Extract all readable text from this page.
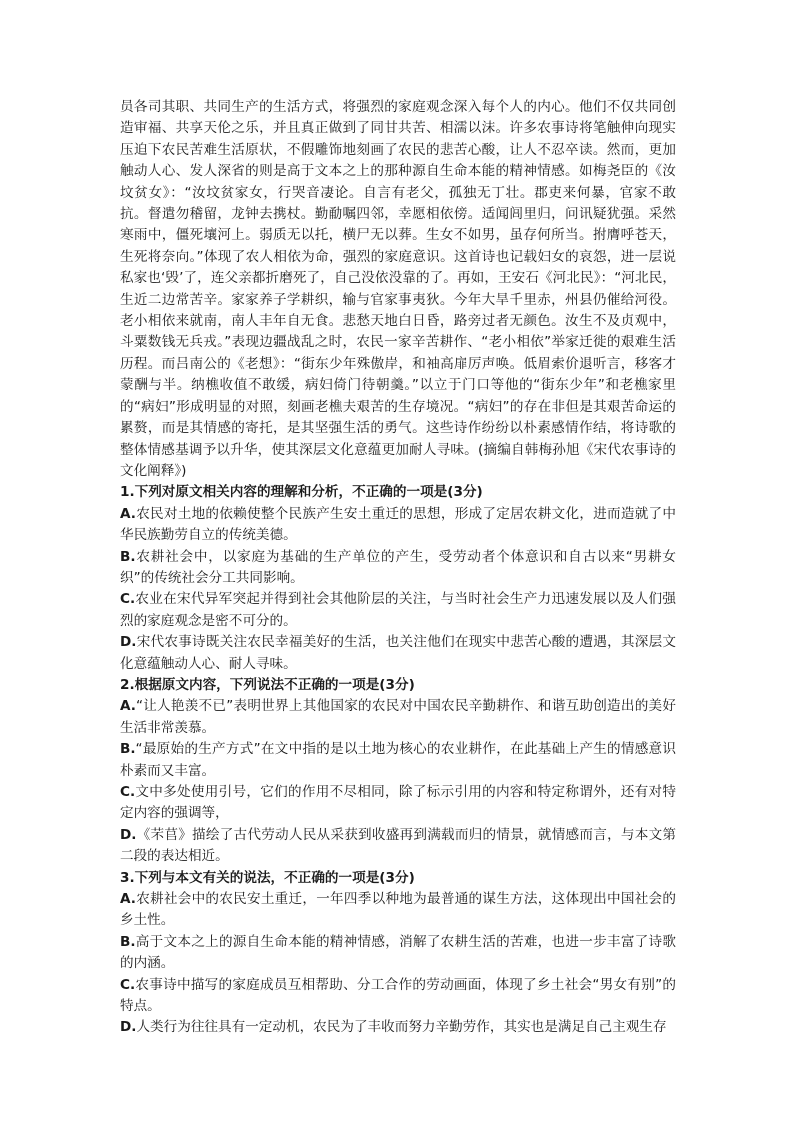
员各司其职、共同生产的生活方式，将强烈的家庭观念深入每个人的内心。他们不仅共同创造审福、共享天伦之乐，并且真正做到了同甘共苦、相濡以沫。许多农事诗将笔触伸向现实压迫下农民苦难生活原状，不假雕饰地刻画了农民的悲苦心酸，让人不忍卒读。然而，更加触动人心、发人深省的则是高于文本之上的那种源自生命本能的精神情感。如梅尧臣的《汝坟贫女》：“汝坟贫家女，行哭音凄论。自言有老父，孤独无丁壮。郡吏来何暴，官家不敢抗。督遣勿稽留，龙钟去携杖。勤勈嘱四邻，幸愿相依傍。适闻闾里归，问讯疑犹强。采然寒雨中，僵死壤河上。弱质无以托，横尸无以葬。生女不如男，虽存何所当。拊膺呼苍天，生死将奈向。”体现了农人相依为命，强烈的家庭意识。这首诗也记载妇女的哀怨，进一层说私家也‘毁’了，连父亲都折磨死了，自己没依没靠的了。再如，王安石《河北民》：“河北民，生近二边常苦辛。家家养子学耕织，输与官家事夷狄。今年大旱千里赤，州县仍催给河役。老小相依来就南，南人丰年自无食。悲愁天地白日昏，路旁过者无颜色。汝生不及贞观中，斗粟数钱无兵戎。”表现边疆战乱之时，农民一家辛苦耕作、“老小相依”举家迁徙的艰难生活历程。而吕南公的《老想》：“街东少年殊傲岸，和袖高扉厉声唤。低眉索价退听言，移客才蒙酬与半。纳樵收值不敢缓，病妇倚门待朝羹。”以立于门口等他的“街东少年”和老樵家里的“病妇”形成明显的对照，刻画老樵夫艰苦的生存境况。“病妇”的存在非但是其艰苦命运的累赘，而是其情感的寄托，是其坚强生活的勇气。这些诗作纷纷以朴素感情作结，将诗歌的整体情感基调予以升华，使其深层文化意蕴更加耐人寻味。(摘编自韩梅孙旭《宋代农事诗的文化阐释》)

1.下列对原文相关内容的理解和分析，不正确的一项是(3分)

A.农民对土地的依赖使整个民族产生安土重迁的思想，形成了定居农耕文化，进而造就了中华民族勤劳自立的传统美德。

B.农耕社会中，以家庭为基础的生产单位的产生，受劳动者个体意识和自古以来“男耕女织”的传统社会分工共同影响。

C.农业在宋代异军突起并得到社会其他阶层的关注，与当时社会生产力迅速发展以及人们强烈的家庭观念是密不可分的。

D.宋代农事诗既关注农民幸福美好的生活，也关注他们在现实中悲苦心酸的遭遇，其深层文化意蕴触动人心、耐人寻味。

2.根据原文内容，下列说法不正确的一项是(3分)

A.“让人艳羡不已”表明世界上其他国家的农民对中国农民辛勤耕作、和谐互助创造出的美好生活非常羡慕。

B.“最原始的生产方式”在文中指的是以土地为核心的农业耕作，在此基础上产生的情感意识朴素而又丰富。

C.文中多处使用引号，它们的作用不尽相同，除了标示引用的内容和特定称谓外，还有对特定内容的强调等，

D.《芣苢》描绘了古代劳动人民从采获到收盛再到满载而归的情景，就情感而言，与本文第二段的表达相近。

3.下列与本文有关的说法，不正确的一项是(3分)

A.农耕社会中的农民安土重迁，一年四季以种地为最普通的谋生方法，这体现出中国社会的乡土性。

B.高于文本之上的源自生命本能的精神情感，消解了农耕生活的苦难，也进一步丰富了诗歌的内涵。

C.农事诗中描写的家庭成员互相帮助、分工合作的劳动画面，体现了乡土社会“男女有别”的特点。

D.人类行为往往具有一定动机，农民为了丰收而努力辛勤劳作，其实也是满足自己主观生存
